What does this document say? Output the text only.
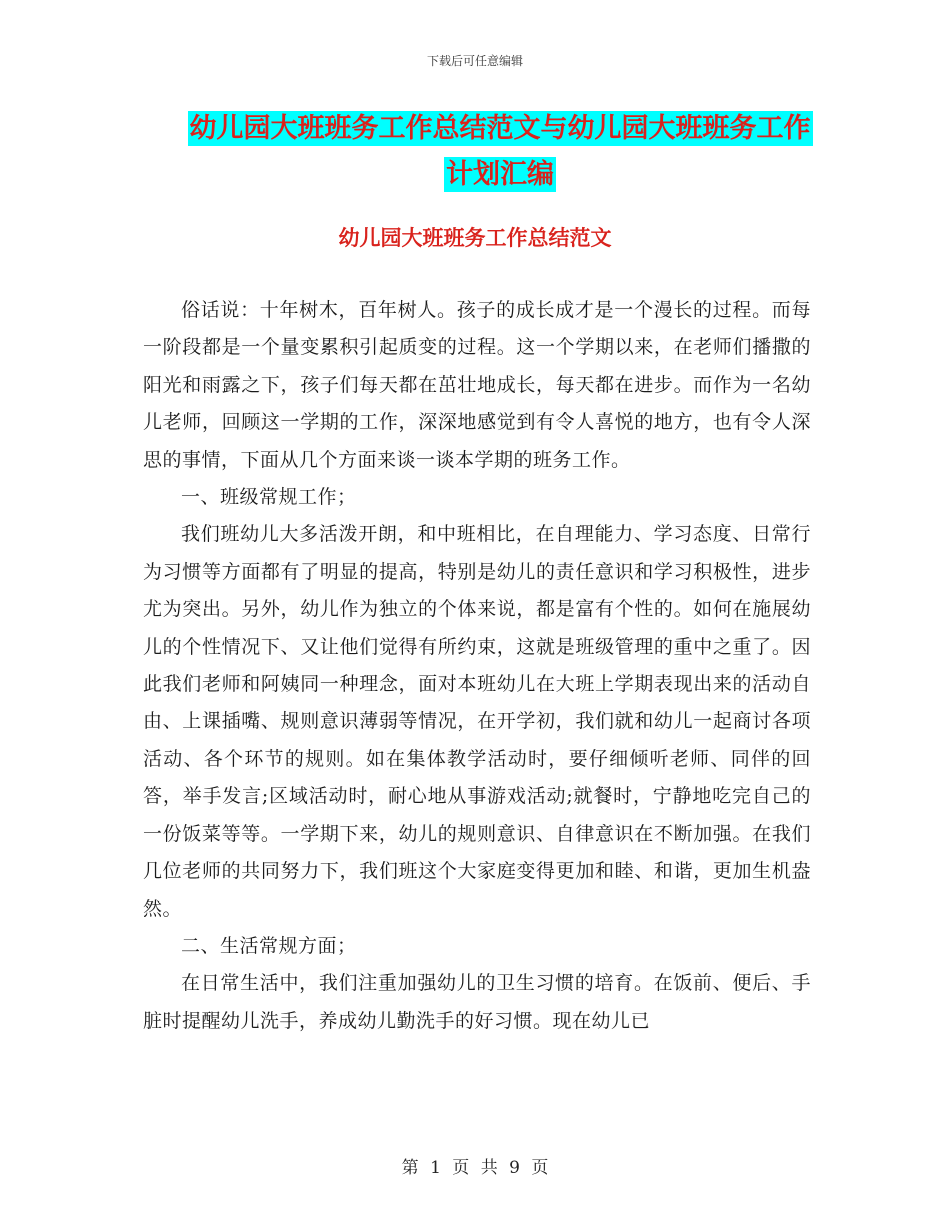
下载后可任意编辑
幼儿园大班班务工作总结范文与幼儿园大班班务工作
计划汇编
幼儿园大班班务工作总结范文

俗话说：十年树木，百年树人。孩子的成长成才是一个漫长的过程。而每一阶段都是一个量变累积引起质变的过程。这一个学期以来，在老师们播撒的阳光和雨露之下，孩子们每天都在茁壮地成长，每天都在进步。而作为一名幼儿老师，回顾这一学期的工作，深深地感觉到有令人喜悦的地方，也有令人深思的事情，下面从几个方面来谈一谈本学期的班务工作。

一、班级常规工作；

我们班幼儿大多活泼开朗，和中班相比，在自理能力、学习态度、日常行为习惯等方面都有了明显的提高，特别是幼儿的责任意识和学习积极性，进步尤为突出。另外，幼儿作为独立的个体来说，都是富有个性的。如何在施展幼儿的个性情况下、又让他们觉得有所约束，这就是班级管理的重中之重了。因此我们老师和阿姨同一种理念，面对本班幼儿在大班上学期表现出来的活动自由、上课插嘴、规则意识薄弱等情况，在开学初，我们就和幼儿一起商讨各项活动、各个环节的规则。如在集体教学活动时，要仔细倾听老师、同伴的回答，举手发言;区域活动时，耐心地从事游戏活动;就餐时，宁静地吃完自己的一份饭菜等等。一学期下来，幼儿的规则意识、自律意识在不断加强。在我们几位老师的共同努力下，我们班这个大家庭变得更加和睦、和谐，更加生机盎然。

二、生活常规方面；

在日常生活中，我们注重加强幼儿的卫生习惯的培育。在饭前、便后、手脏时提醒幼儿洗手，养成幼儿勤洗手的好习惯。现在幼儿已

第 1 页 共 9 页
